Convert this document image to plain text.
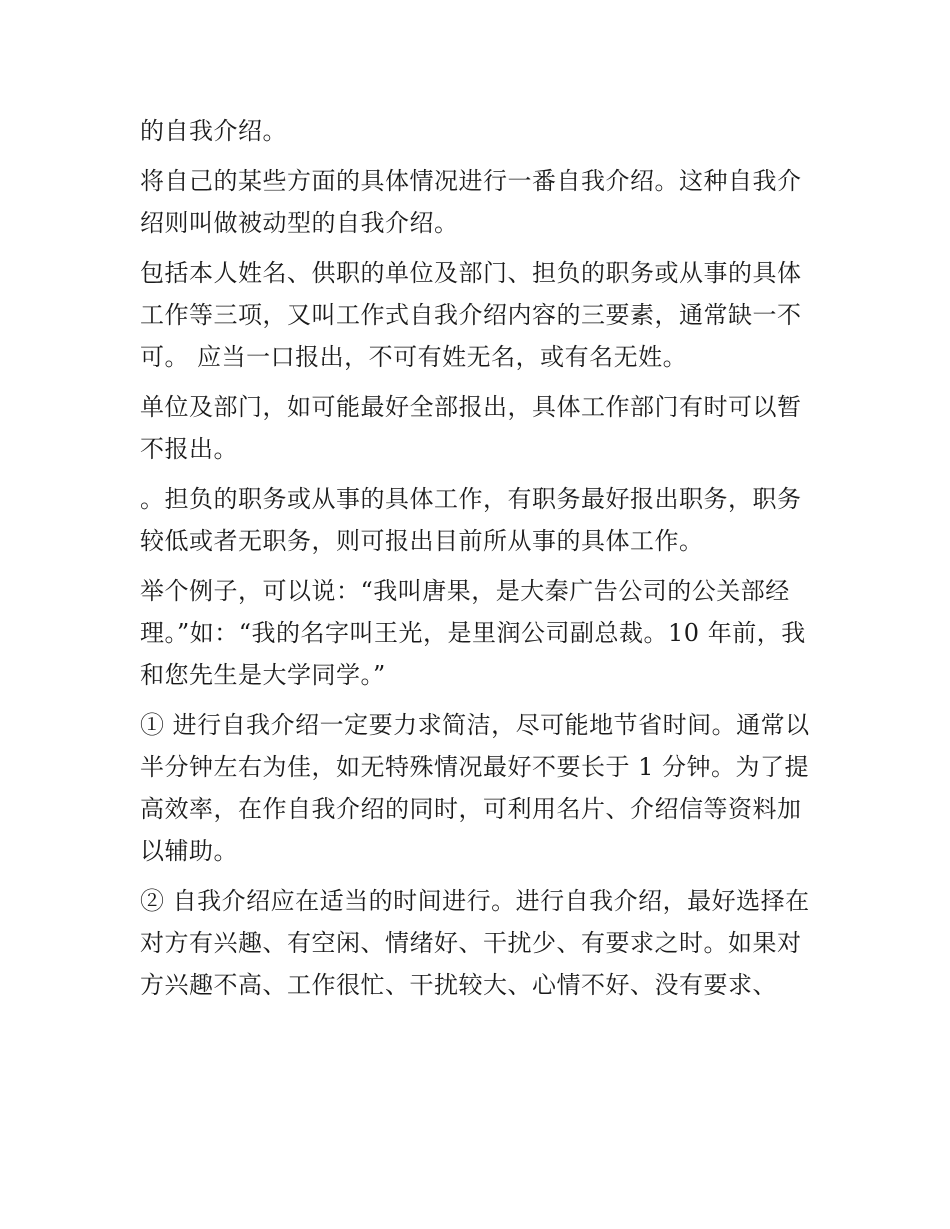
的自我介绍。

将自己的某些方面的具体情况进行一番自我介绍。这种自我介绍则叫做被动型的自我介绍。

包括本人姓名、供职的单位及部门、担负的职务或从事的具体工作等三项，又叫工作式自我介绍内容的三要素，通常缺一不可。 应当一口报出，不可有姓无名，或有名无姓。

单位及部门，如可能最好全部报出，具体工作部门有时可以暂不报出。

。担负的职务或从事的具体工作，有职务最好报出职务，职务较低或者无职务，则可报出目前所从事的具体工作。

举个例子，可以说：“我叫唐果，是大秦广告公司的公关部经理。”如：“我的名字叫王光，是里润公司副总裁。10 年前，我和您先生是大学同学。”

① 进行自我介绍一定要力求简洁，尽可能地节省时间。通常以半分钟左右为佳，如无特殊情况最好不要长于 1 分钟。为了提高效率，在作自我介绍的同时，可利用名片、介绍信等资料加以辅助。

② 自我介绍应在适当的时间进行。进行自我介绍，最好选择在对方有兴趣、有空闲、情绪好、干扰少、有要求之时。如果对方兴趣不高、工作很忙、干扰较大、心情不好、没有要求、
